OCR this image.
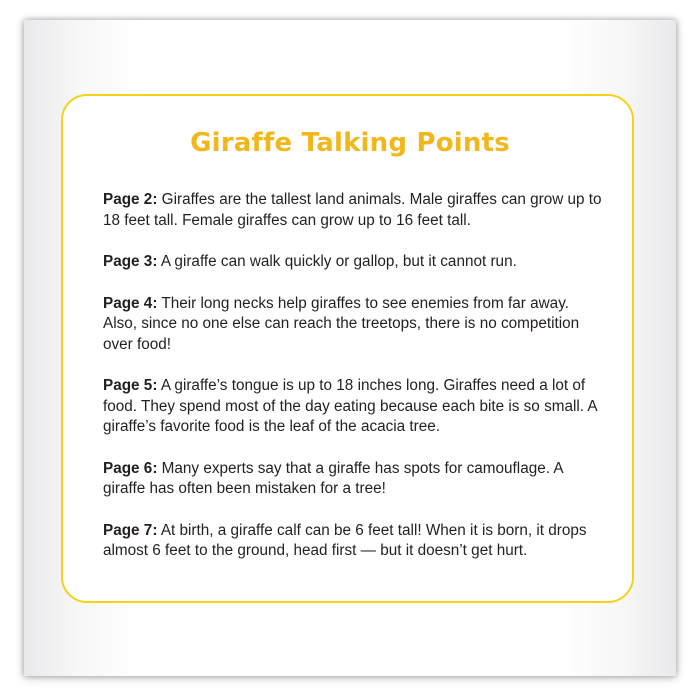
Giraffe Talking Points
Page 2: Giraffes are the tallest land animals. Male giraffes can grow up to 18 feet tall. Female giraffes can grow up to 16 feet tall.
Page 3: A giraffe can walk quickly or gallop, but it cannot run.
Page 4: Their long necks help giraffes to see enemies from far away. Also, since no one else can reach the treetops, there is no competition over food!
Page 5: A giraffe’s tongue is up to 18 inches long. Giraffes need a lot of food. They spend most of the day eating because each bite is so small. A giraffe’s favorite food is the leaf of the acacia tree.
Page 6: Many experts say that a giraffe has spots for camouflage. A giraffe has often been mistaken for a tree!
Page 7: At birth, a giraffe calf can be 6 feet tall! When it is born, it drops almost 6 feet to the ground, head first — but it doesn’t get hurt.
